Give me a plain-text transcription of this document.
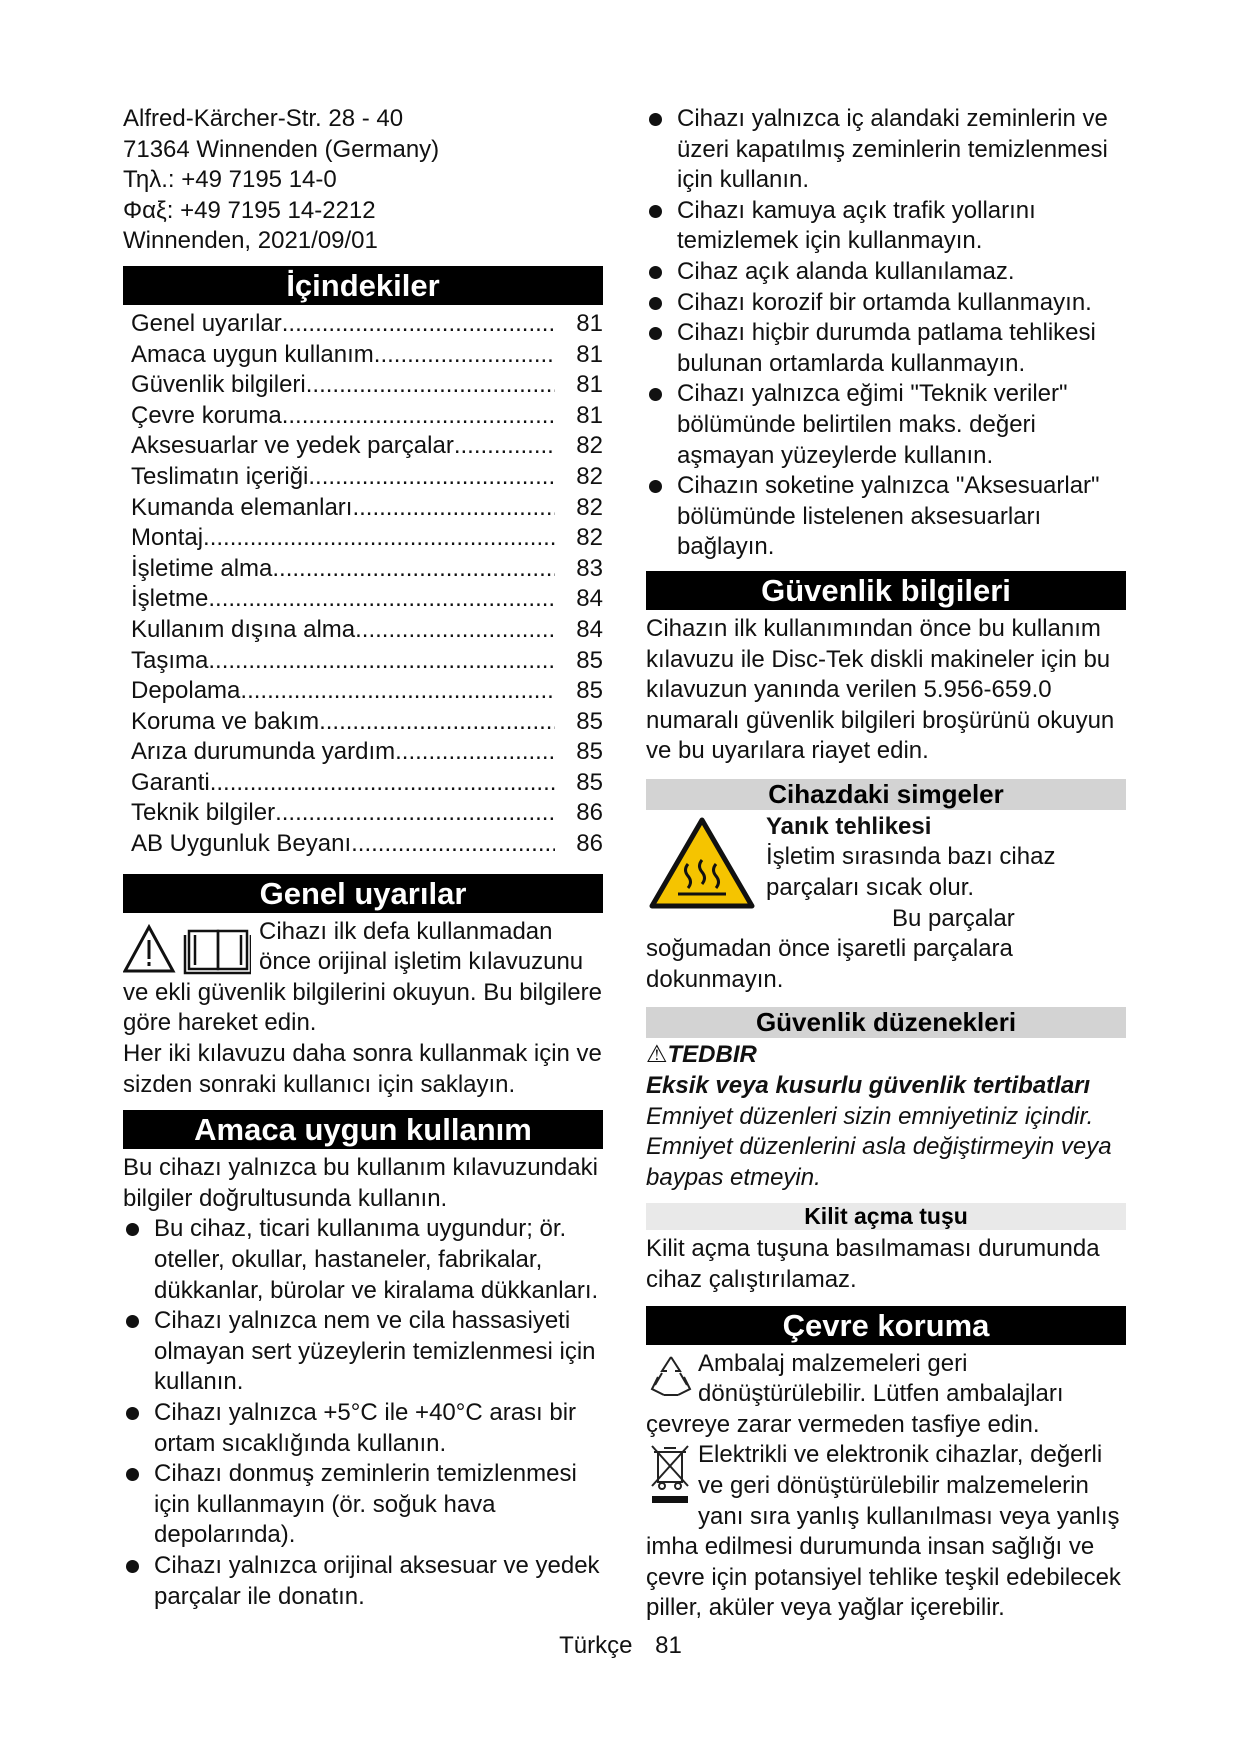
Alfred-Kärcher-Str. 28 - 40
71364 Winnenden (Germany)
Τηλ.: +49 7195 14-0
Φαξ: +49 7195 14-2212
Winnenden, 2021/09/01
İçindekiler
Genel uyarılar .....	81
Amaca uygun kullanım .....	81
Güvenlik bilgileri .....	81
Çevre koruma .....	81
Aksesuarlar ve yedek parçalar .....	82
Teslimatın içeriği .....	82
Kumanda elemanları .....	82
Montaj .....	82
İşletime alma .....	83
İşletme .....	84
Kullanım dışına alma .....	84
Taşıma .....	85
Depolama .....	85
Koruma ve bakım .....	85
Arıza durumunda yardım .....	85
Garanti .....	85
Teknik bilgiler .....	86
AB Uygunluk Beyanı .....	86
Genel uyarılar

Cihazı ilk defa kullanmadan önce orijinal işletim kılavuzunu ve ekli güvenlik bilgilerini okuyun. Bu bilgilere göre hareket edin.

Her iki kılavuzu daha sonra kullanmak için ve sizden sonraki kullanıcı için saklayın.

Amaca uygun kullanım

Bu cihazı yalnızca bu kullanım kılavuzundaki bilgiler doğrultusunda kullanın.

Bu cihaz, ticari kullanıma uygundur; ör. oteller, okullar, hastaneler, fabrikalar, dükkanlar, bürolar ve kiralama dükkanları.
Cihazı yalnızca nem ve cila hassasiyeti olmayan sert yüzeylerin temizlenmesi için kullanın.
Cihazı yalnızca +5°C ile +40°C arası bir ortam sıcaklığında kullanın.
Cihazı donmuş zeminlerin temizlenmesi için kullanmayın (ör. soğuk hava depolarında).
Cihazı yalnızca orijinal aksesuar ve yedek parçalar ile donatın.
Cihazı yalnızca iç alandaki zeminlerin ve üzeri kapatılmış zeminlerin temizlenmesi için kullanın.
Cihazı kamuya açık trafik yollarını temizlemek için kullanmayın.
Cihaz açık alanda kullanılamaz.
Cihazı korozif bir ortamda kullanmayın.
Cihazı hiçbir durumda patlama tehlikesi bulunan ortamlarda kullanmayın.
Cihazı yalnızca eğimi "Teknik veriler" bölümünde belirtilen maks. değeri aşmayan yüzeylerde kullanın.
Cihazın soketine yalnızca "Aksesuarlar" bölümünde listelenen aksesuarları bağlayın.
Güvenlik bilgileri

Cihazın ilk kullanımından önce bu kullanım kılavuzu ile Disc-Tek diskli makineler için bu kılavuzun yanında verilen 5.956-659.0 numaralı güvenlik bilgileri broşürünü okuyun ve bu uyarılara riayet edin.

Cihazdaki simgeler
Yanık tehlikesi

İşletim sırasında bazı cihaz parçaları sıcak olur.

Bu parçalar soğumadan önce işaretli parçalara dokunmayın.

Güvenlik düzenekleri
⚠TEDBIR
Eksik veya kusurlu güvenlik tertibatları

Emniyet düzenleri sizin emniyetiniz içindir. Emniyet düzenlerini asla değiştirmeyin veya baypas etmeyin.

Kilit açma tuşu

Kilit açma tuşuna basılmaması durumunda cihaz çalıştırılamaz.

Çevre koruma

Ambalaj malzemeleri geri dönüştürülebilir. Lütfen ambalajları çevreye zarar vermeden tasfiye edin.

Elektrikli ve elektronik cihazlar, değerli ve geri dönüştürülebilir malzemelerin yanı sıra yanlış kullanılması veya yanlış imha edilmesi durumunda insan sağlığı ve çevre için potansiyel tehlike teşkil edebilecek piller, aküler veya yağlar içerebilir.

Türkçe 81
